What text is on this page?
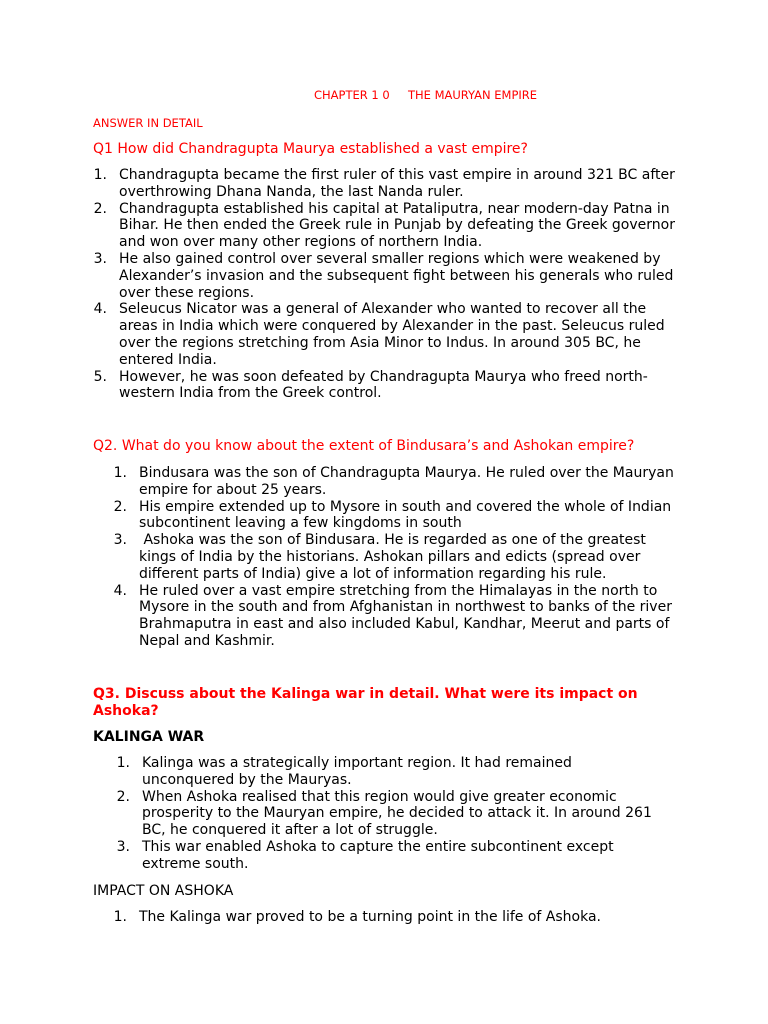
CHAPTER 1 0     THE MAURYAN EMPIRE
ANSWER IN DETAIL
Q1 How did Chandragupta Maurya established a vast empire?
1. Chandragupta became the first ruler of this vast empire in around 321 BC after overthrowing Dhana Nanda, the last Nanda ruler.
2. Chandragupta established his capital at Pataliputra, near modern-day Patna in Bihar. He then ended the Greek rule in Punjab by defeating the Greek governor and won over many other regions of northern India.
3. He also gained control over several smaller regions which were weakened by Alexander’s invasion and the subsequent fight between his generals who ruled over these regions.
4. Seleucus Nicator was a general of Alexander who wanted to recover all the areas in India which were conquered by Alexander in the past. Seleucus ruled over the regions stretching from Asia Minor to Indus. In around 305 BC, he entered India.
5. However, he was soon defeated by Chandragupta Maurya who freed north-western India from the Greek control.
Q2. What do you know about the extent of Bindusara’s and Ashokan empire?
1. Bindusara was the son of Chandragupta Maurya. He ruled over the Mauryan empire for about 25 years.
2. His empire extended up to Mysore in south and covered the whole of Indian subcontinent leaving a few kingdoms in south
3. Ashoka was the son of Bindusara. He is regarded as one of the greatest kings of India by the historians. Ashokan pillars and edicts (spread over different parts of India) give a lot of information regarding his rule.
4. He ruled over a vast empire stretching from the Himalayas in the north to Mysore in the south and from Afghanistan in northwest to banks of the river Brahmaputra in east and also included Kabul, Kandhar, Meerut and parts of Nepal and Kashmir.
Q3. Discuss about the Kalinga war in detail. What were its impact on Ashoka?
KALINGA WAR
1. Kalinga was a strategically important region. It had remained unconquered by the Mauryas.
2. When Ashoka realised that this region would give greater economic prosperity to the Mauryan empire, he decided to attack it. In around 261 BC, he conquered it after a lot of struggle.
3. This war enabled Ashoka to capture the entire subcontinent except extreme south.
IMPACT ON ASHOKA
1. The Kalinga war proved to be a turning point in the life of Ashoka.
